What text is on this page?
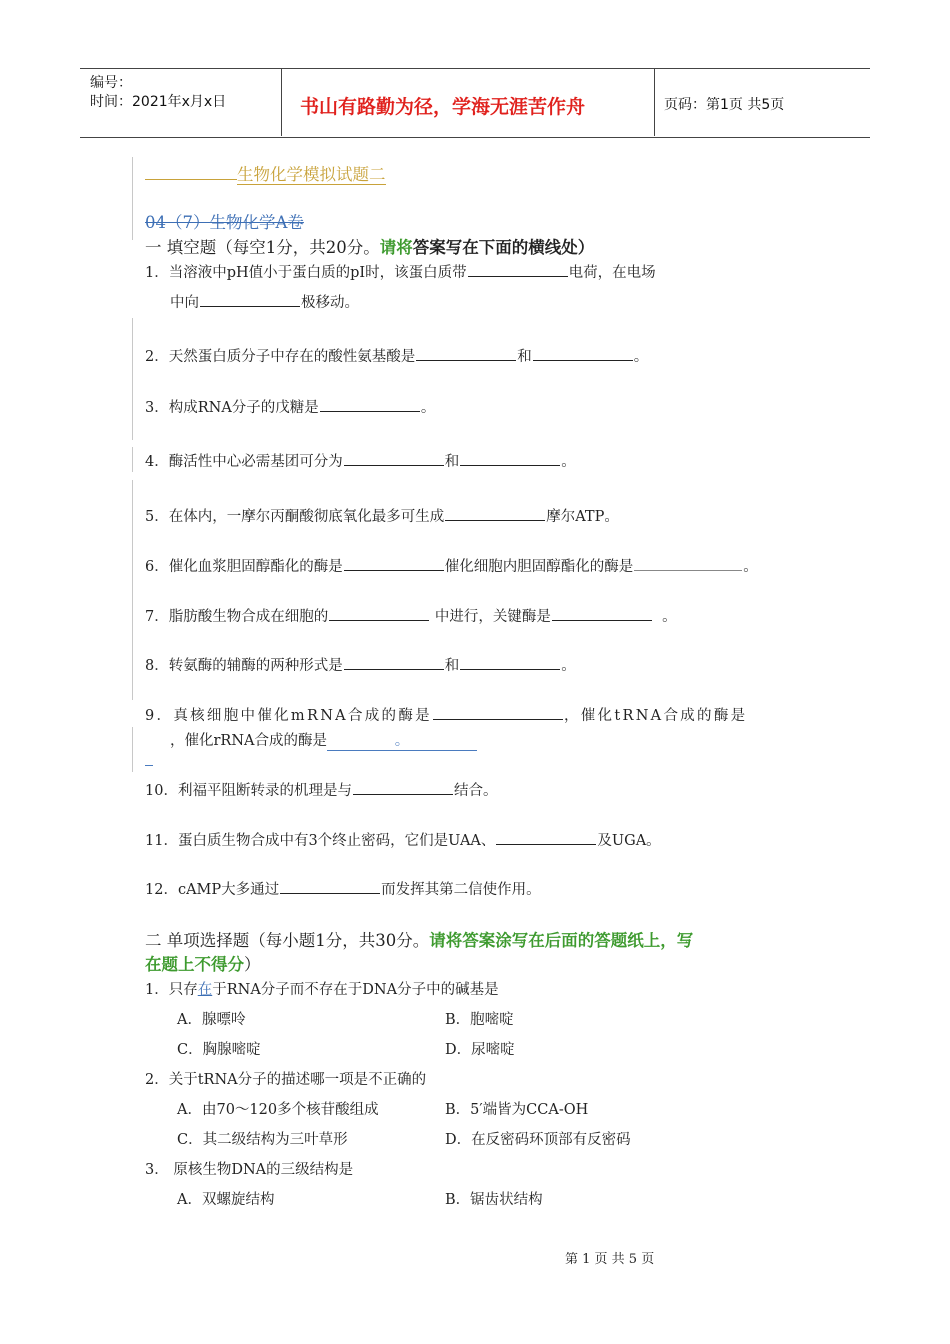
编号：
时间：2021年x月x日	书山有路勤为径，学海无涯苦作舟	页码：第1页 共5页
生物化学模拟试题二
04（7）生物化学A卷
一 填空题（每空1分，共20分。请将答案写在下面的横线处）
1．当溶液中pH值小于蛋白质的pI时，该蛋白质带	电荷，在电场
中向	极移动。
2．天然蛋白质分子中存在的酸性氨基酸是	和	。
3．构成RNA分子的戊糖是	。
4．酶活性中心必需基团可分为	和	。
5．在体内，一摩尔丙酮酸彻底氧化最多可生成	摩尔ATP。
6．催化血浆胆固醇酯化的酶是	催化细胞内胆固醇酯化的酶是	。
7．脂肪酸生物合成在细胞的	中进行，关键酶是	。
8．转氨酶的辅酶的两种形式是	和	。
9．真核细胞中催化mRNA合成的酶是	，催化tRNA合成的酶是
，催化rRNA合成的酶是	。
10．利福平阻断转录的机理是与	结合。
11．蛋白质生物合成中有3个终止密码，它们是UAA、	及UGA。
12．cAMP大多通过	而发挥其第二信使作用。
二 单项选择题（每小题1分，共30分。请将答案涂写在后面的答题纸上，写
在题上不得分）
1．只存在于RNA分子而不存在于DNA分子中的碱基是
A．腺嘌呤	B．胞嘧啶
C．胸腺嘧啶	D．尿嘧啶
2．关于tRNA分子的描述哪一项是不正确的
A．由70～120多个核苷酸组成	B．5′端皆为CCA-OH
C．其二级结构为三叶草形	D．在反密码环顶部有反密码
3． 原核生物DNA的三级结构是
A．双螺旋结构	B．锯齿状结构
第 1 页 共 5 页
